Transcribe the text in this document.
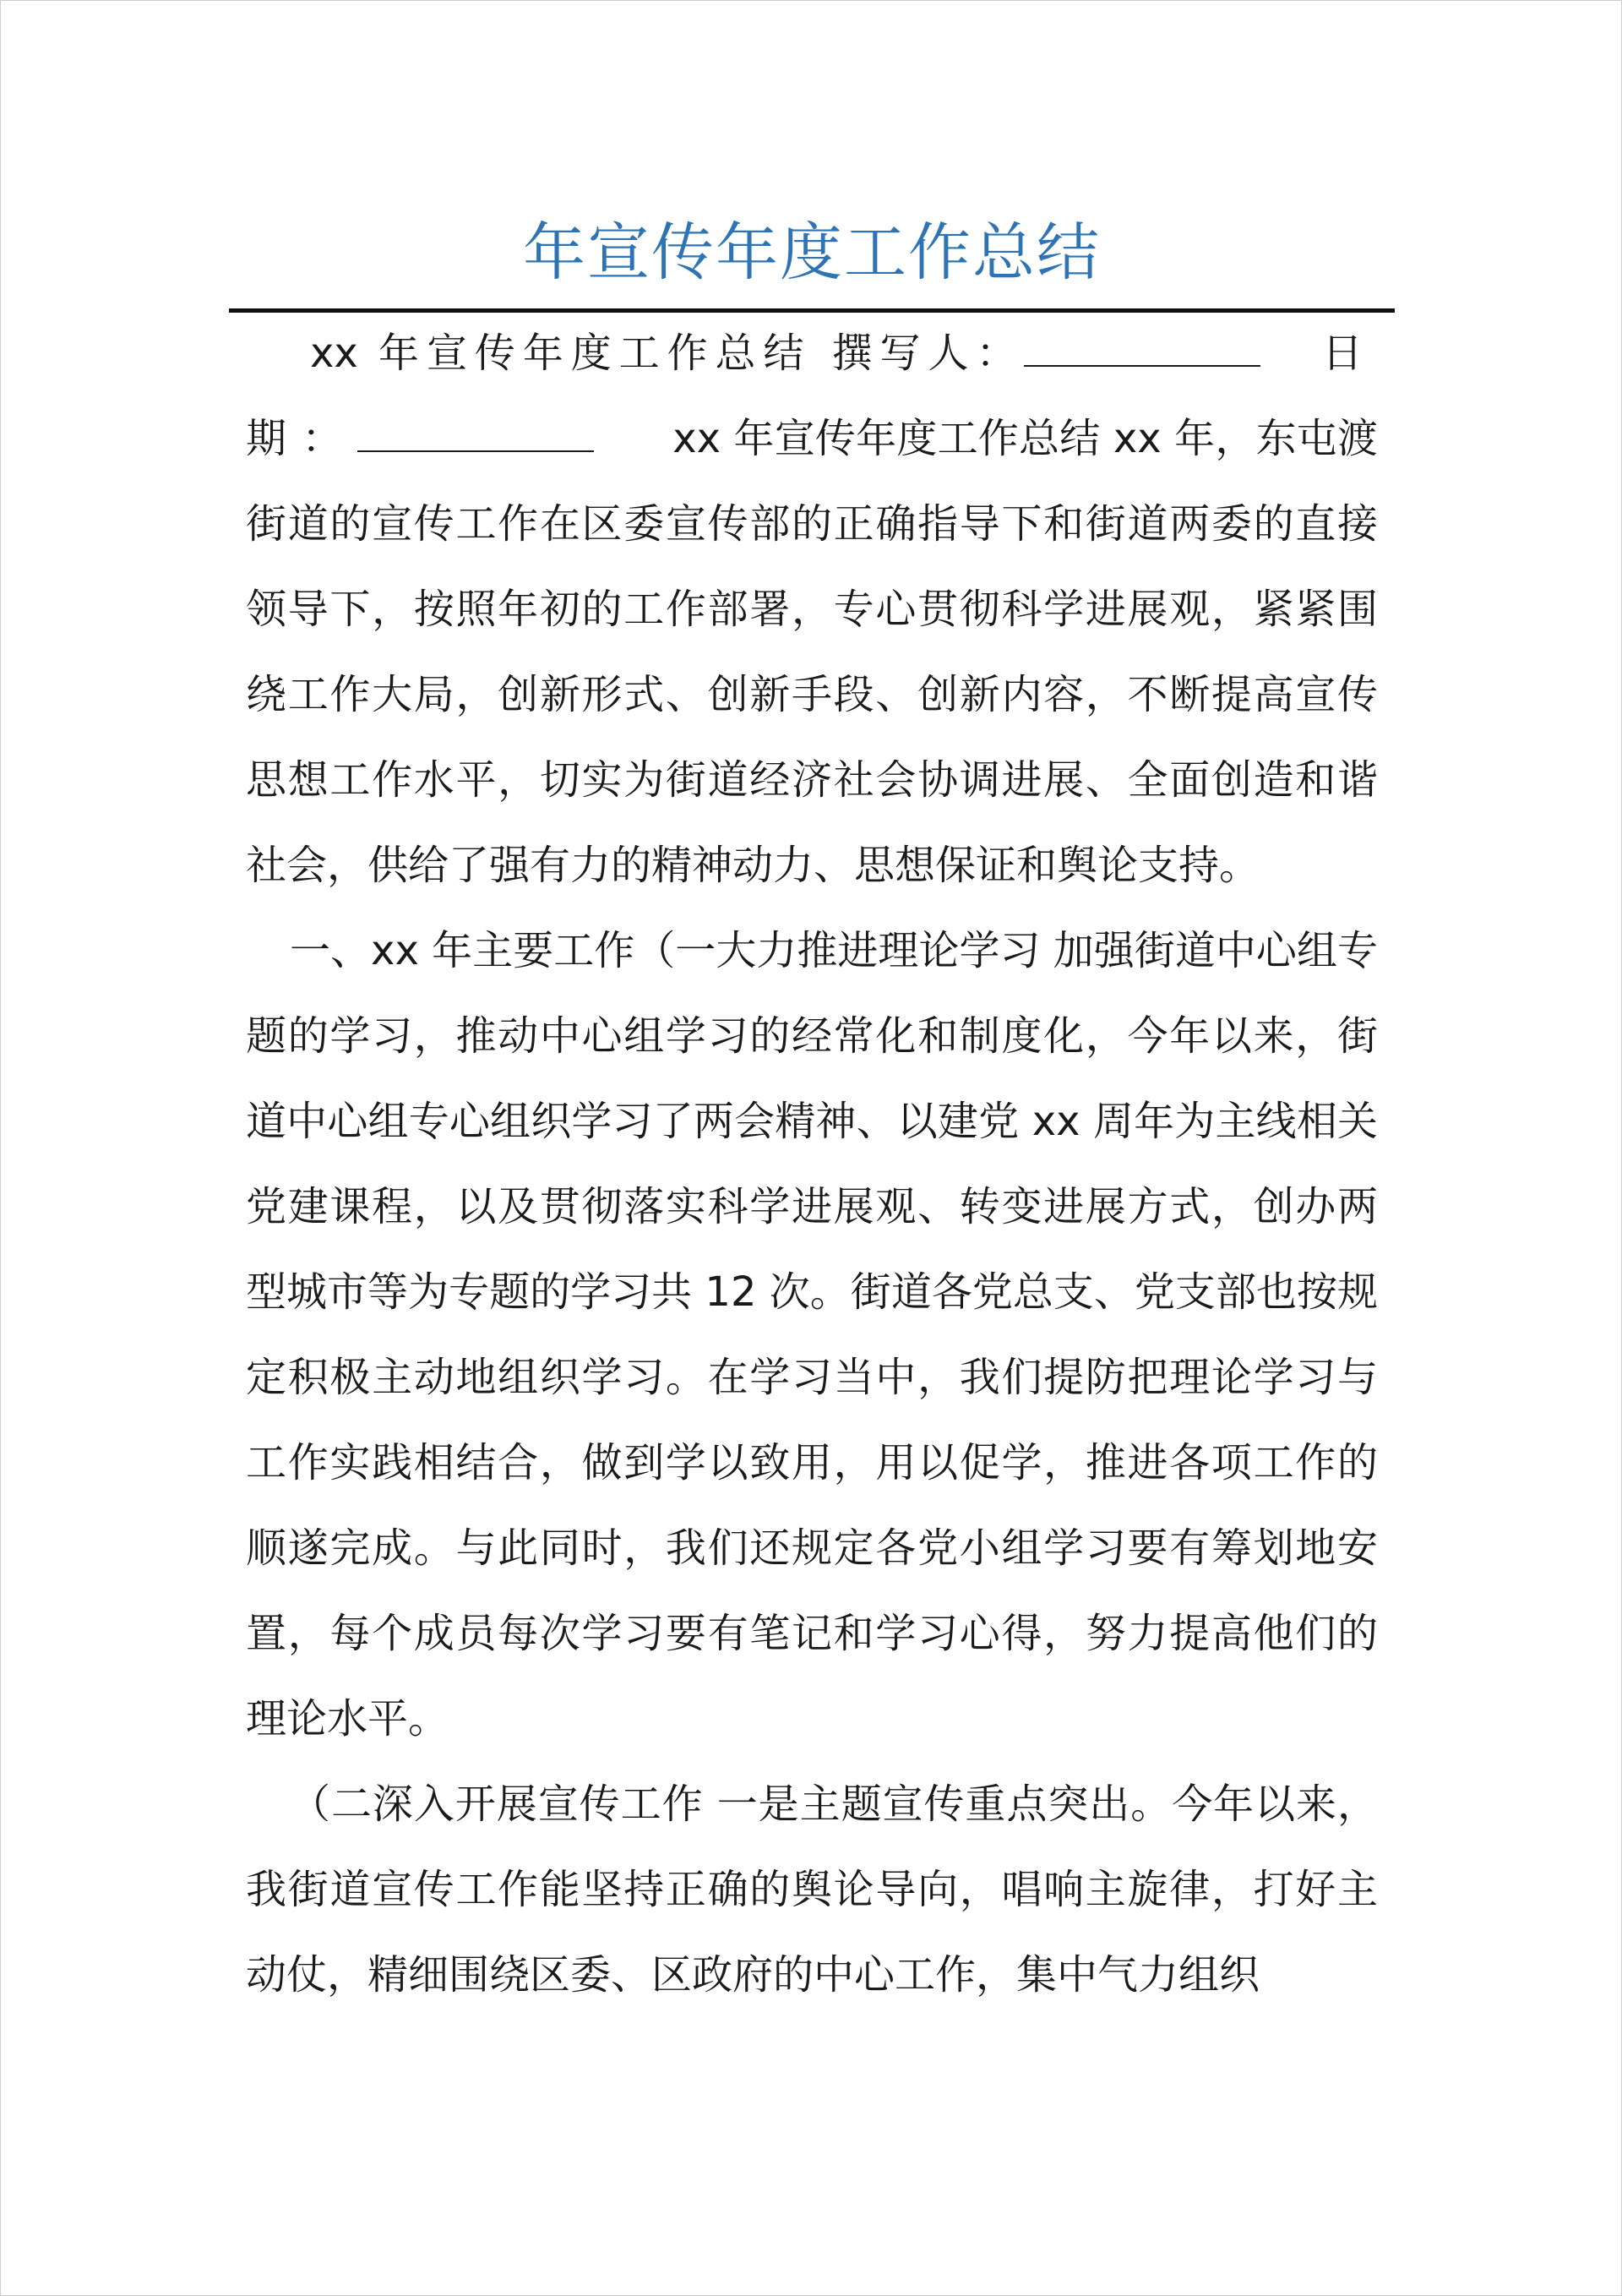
年宣传年度工作总结

xx 年宣传年度工作总结 撰写人：	日　期：	xx 年宣传年度工作总结 xx 年，东屯渡街道的宣传工作在区委宣传部的正确指导下和街道两委的直接领导下，按照年初的工作部署，专心贯彻科学进展观，紧紧围绕工作大局，创新形式、创新手段、创新内容，不断提高宣传思想工作水平，切实为街道经济社会协调进展、全面创造和谐社会，供给了强有力的精神动力、思想保证和舆论支持。

一、xx 年主要工作（一大力推进理论学习 加强街道中心组专题的学习，推动中心组学习的经常化和制度化，今年以来，街道中心组专心组织学习了两会精神、以建党 xx 周年为主线相关党建课程，以及贯彻落实科学进展观、转变进展方式，创办两型城市等为专题的学习共 12 次。街道各党总支、党支部也按规定积极主动地组织学习。在学习当中，我们提防把理论学习与工作实践相结合，做到学以致用，用以促学，推进各项工作的顺遂完成。与此同时，我们还规定各党小组学习要有筹划地安置，每个成员每次学习要有笔记和学习心得，努力提高他们的理论水平。

（二深入开展宣传工作 一是主题宣传重点突出。今年以来，我街道宣传工作能坚持正确的舆论导向，唱响主旋律，打好主动仗，精细围绕区委、区政府的中心工作，集中气力组织
